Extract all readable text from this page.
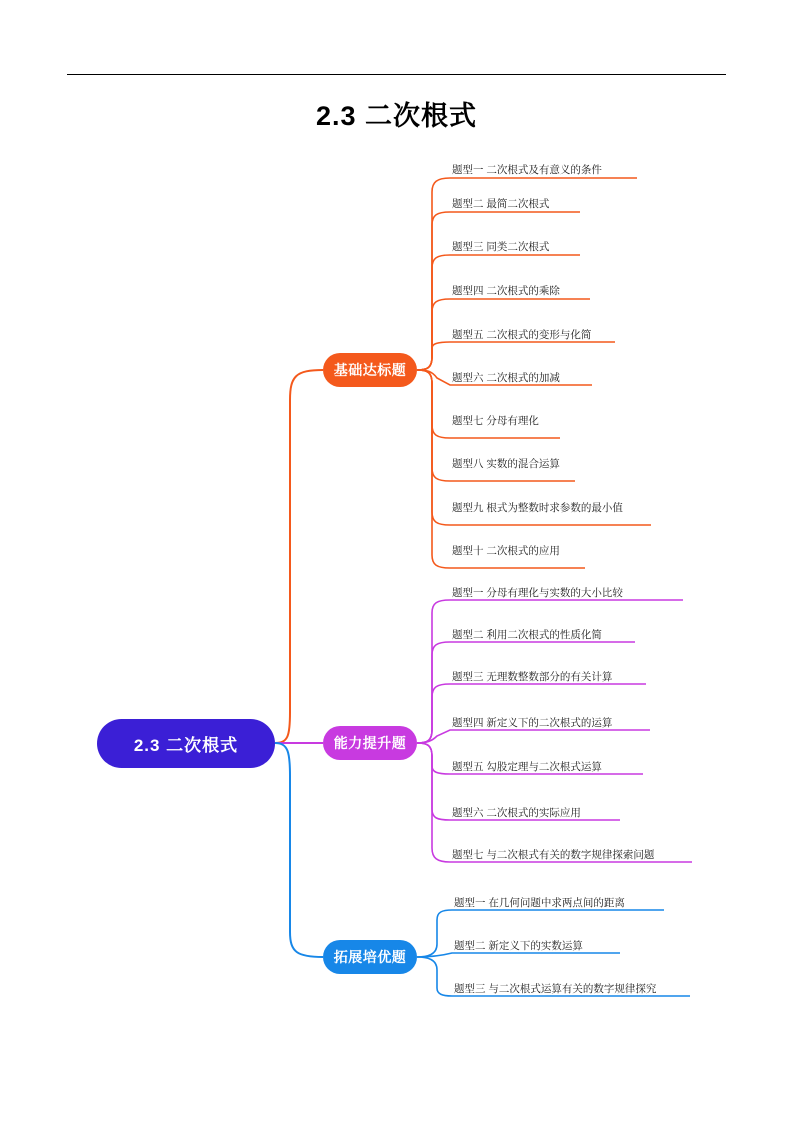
2.3 二次根式
2.3 二次根式
基础达标题
能力提升题
拓展培优题
题型一 二次根式及有意义的条件
题型二 最简二次根式
题型三 同类二次根式
题型四 二次根式的乘除
题型五 二次根式的变形与化简
题型六 二次根式的加减
题型七 分母有理化
题型八 实数的混合运算
题型九 根式为整数时求参数的最小值
题型十 二次根式的应用
题型一 分母有理化与实数的大小比较
题型二 利用二次根式的性质化简
题型三 无理数整数部分的有关计算
题型四 新定义下的二次根式的运算
题型五 勾股定理与二次根式运算
题型六 二次根式的实际应用
题型七 与二次根式有关的数字规律探索问题
题型一 在几何问题中求两点间的距离
题型二 新定义下的实数运算
题型三 与二次根式运算有关的数字规律探究
